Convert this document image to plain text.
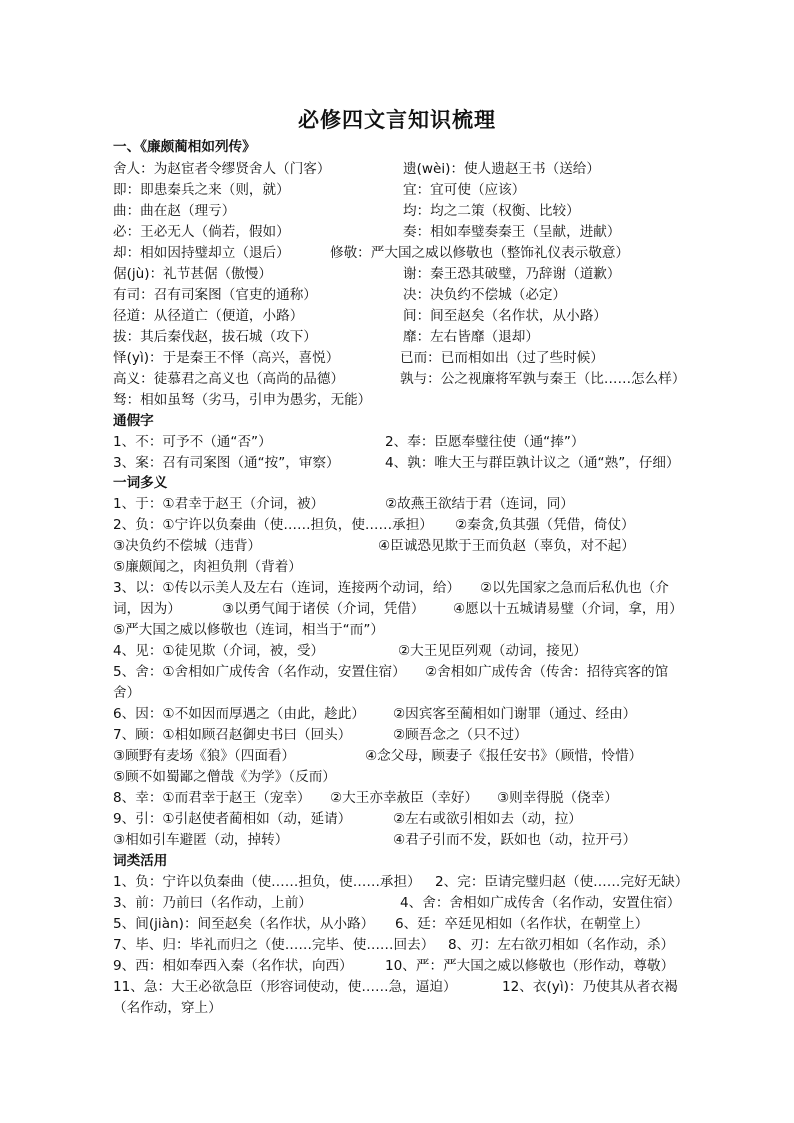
必修四文言知识梳理
一、《廉颇蔺相如列传》
舍人：为赵宦者令缪贤舍人（门客）	遗(wèi)：使人遗赵王书（送给）
即：即患秦兵之来（则，就）	宜：宜可使（应该）
曲：曲在赵（理亏）	均：均之二策（权衡、比较）
必：王必无人（倘若，假如）	奏：相如奉璧奏秦王（呈献，进献）
却：相如因持璧却立（退后）	修敬：严大国之威以修敬也（整饰礼仪表示敬意）
倨(jù)：礼节甚倨（傲慢）	谢：秦王恐其破璧，乃辞谢（道歉）
有司：召有司案图（官吏的通称）	决：决负约不偿城（必定）
径道：从径道亡（便道，小路）	间：间至赵矣（名作状，从小路）
拔：其后秦伐赵，拔石城（攻下）	靡：左右皆靡（退却）
怿(yì)：于是秦王不怿（高兴，喜悦）	已而：已而相如出（过了些时候）
高义：徒慕君之高义也（高尚的品德）	孰与：公之视廉将军孰与秦王（比……怎么样）
驽：相如虽驽（劣马，引申为愚劣，无能）
通假字
1、不：可予不（通“否”）	2、奉：臣愿奉璧往使（通“捧”）
3、案：召有司案图（通“按”，审察）	4、孰：唯大王与群臣孰计议之（通“熟”，仔细）
一词多义
1、于：①君幸于赵王（介词，被）	②故燕王欲结于君（连词，同）
2、负：①宁许以负秦曲（使……担负，使……承担） ②秦贪,负其强（凭借，倚仗）
③决负约不偿城（违背）	④臣诚恐见欺于王而负赵（辜负，对不起）
⑤廉颇闻之，肉袒负荆（背着）
3、以：①传以示美人及左右（连词，连接两个动词，给） ②以先国家之急而后私仇也（介
词，因为）	③以勇气闻于诸侯（介词，凭借） ④愿以十五城请易璧（介词，拿，用）
⑤严大国之威以修敬也（连词，相当于“而”）
4、见：①徒见欺（介词，被，受）	②大王见臣列观（动词，接见）
5、舍：①舍相如广成传舍（名作动，安置住宿） ②舍相如广成传舍（传舍：招待宾客的馆
舍）
6、因：①不如因而厚遇之（由此，趁此） ②因宾客至蔺相如门谢罪（通过、经由）
7、顾：①相如顾召赵御史书曰（回头）	②顾吾念之（只不过）
③顾野有麦场《狼》（四面看）	④念父母，顾妻子《报任安书》（顾惜，怜惜）
⑤顾不如蜀鄙之僧哉《为学》（反而）
8、幸：①而君幸于赵王（宠幸） ②大王亦幸赦臣（幸好） ③则幸得脱（侥幸）
9、引：①引赵使者蔺相如（动，延请）	②左右或欲引相如去（动，拉）
③相如引车避匿（动，掉转）	④君子引而不发，跃如也（动，拉开弓）
词类活用
1、负：宁许以负秦曲（使……担负，使……承担） 2、完：臣请完璧归赵（使……完好无缺）
3、前：乃前曰（名作动，上前）	4、舍：舍相如广成传舍（名作动，安置住宿）
5、间(jiàn)：间至赵矣（名作状，从小路） 6、廷：卒廷见相如（名作状，在朝堂上）
7、毕、归：毕礼而归之（使……完毕、使……回去） 8、刃：左右欲刃相如（名作动，杀）
9、西：相如奉西入秦（名作状，向西） 10、严：严大国之威以修敬也（形作动，尊敬）
11、急：大王必欲急臣（形容词使动，使……急，逼迫）	12、衣(yì)：乃使其从者衣褐
（名作动，穿上）
